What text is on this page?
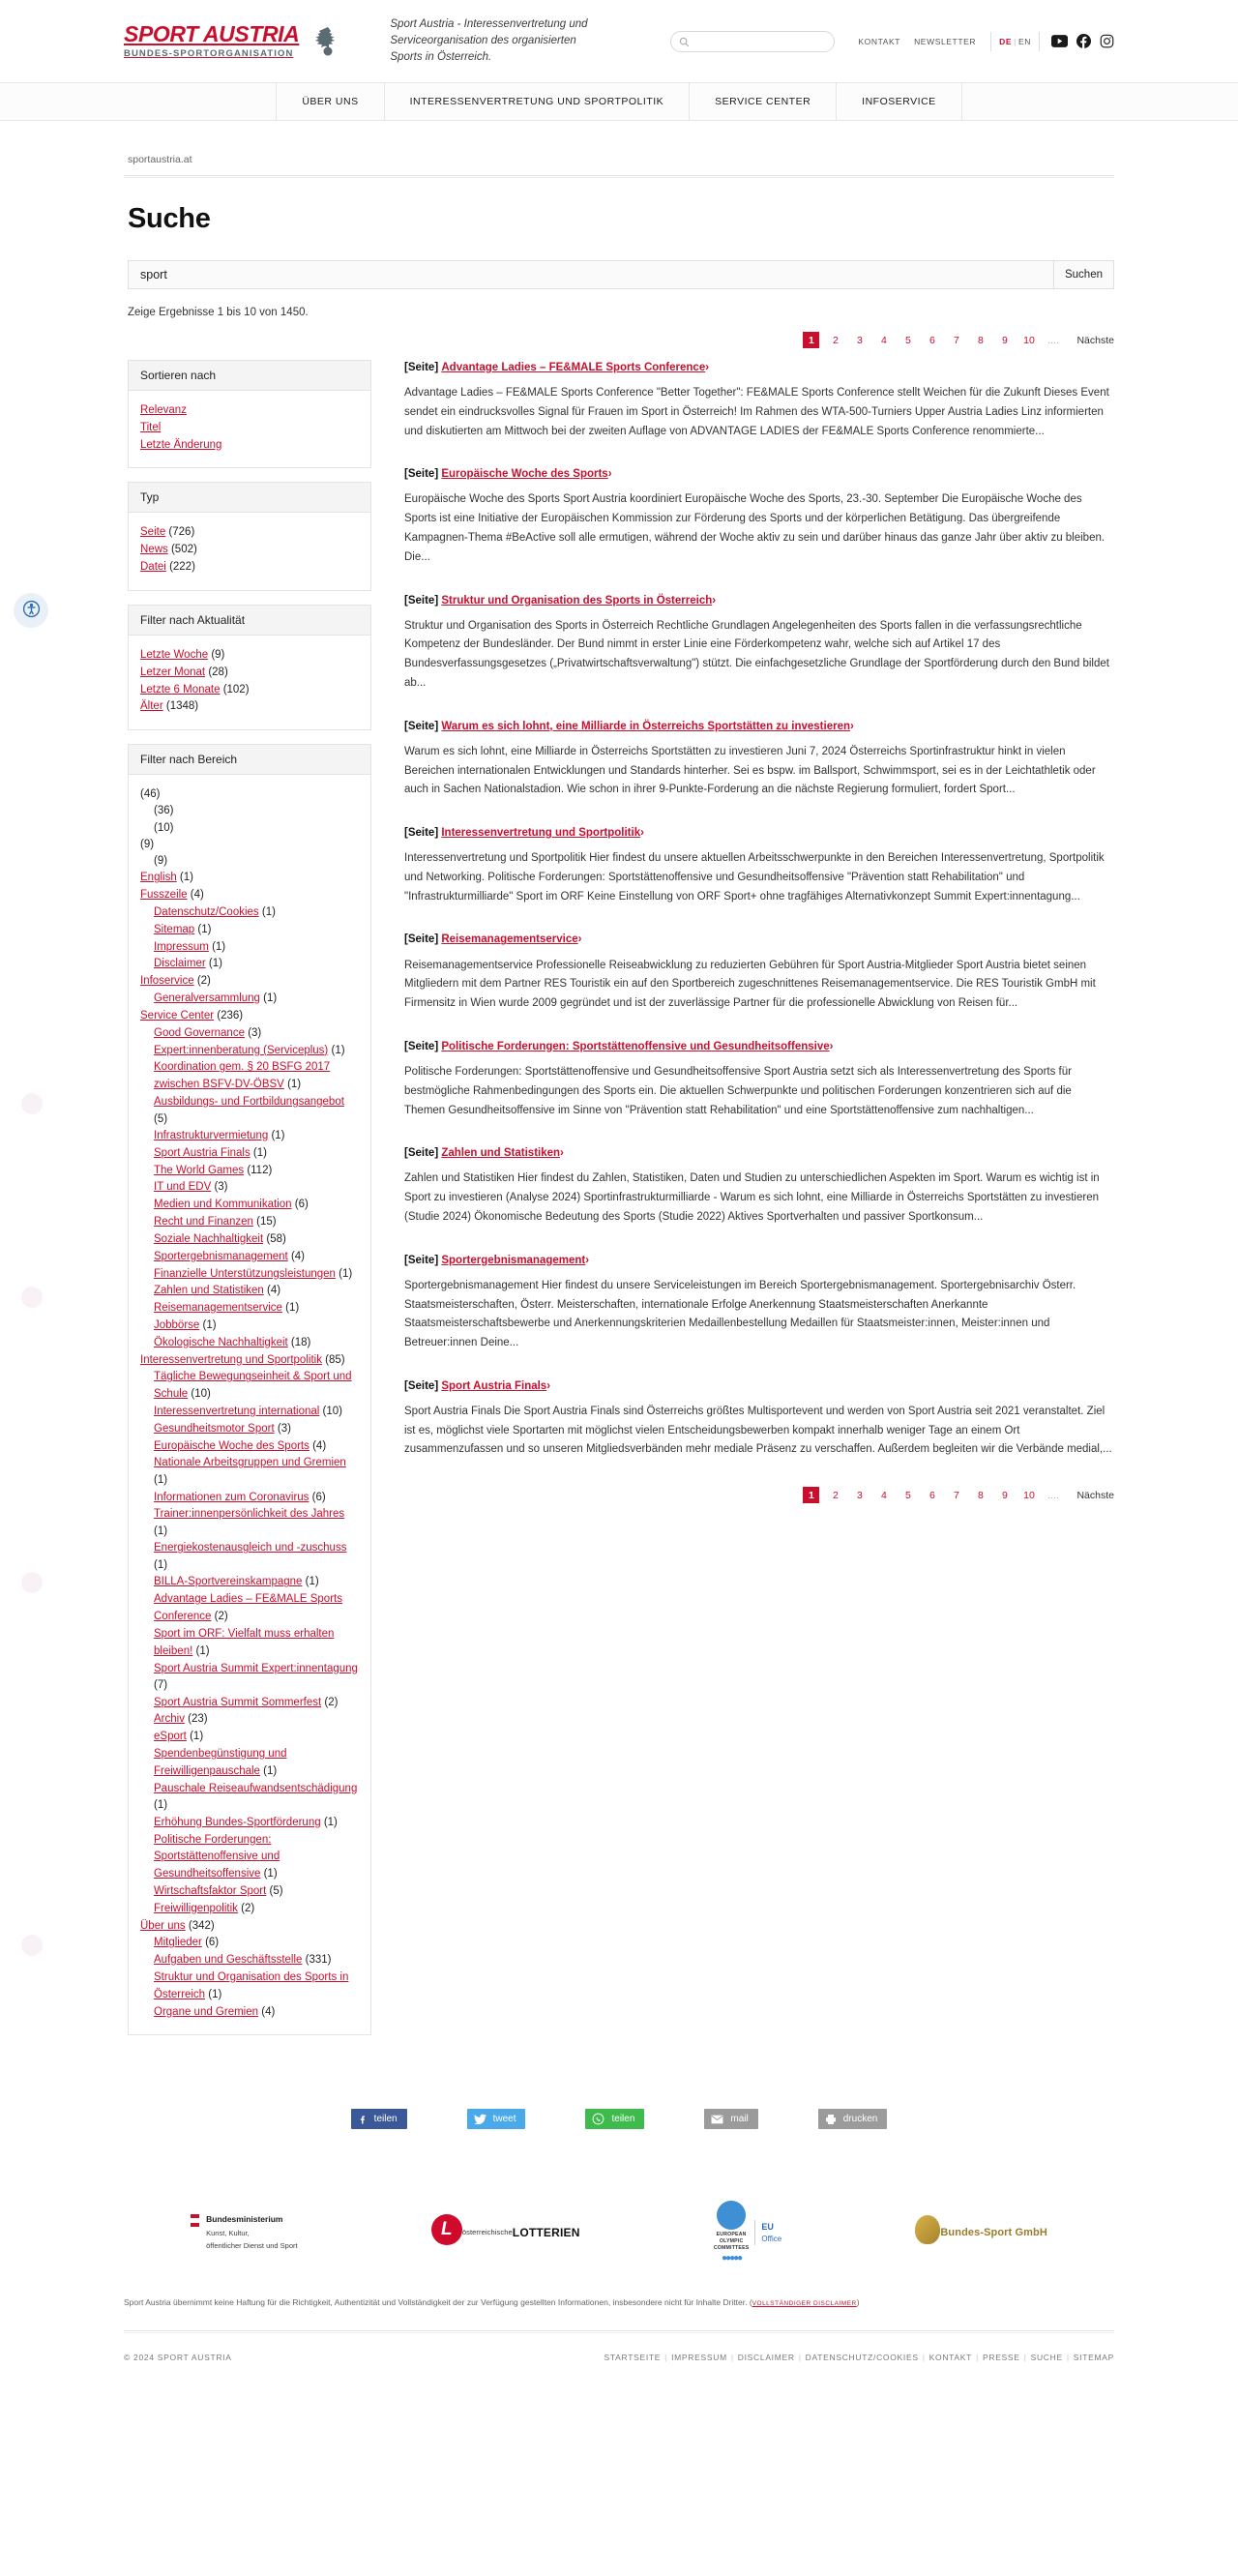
SPORT AUSTRIA
BUNDES-SPORTORGANISATION
Sport Austria - Interessenvertretung und Serviceorganisation des organisierten Sports in Österreich.
KONTAKT	NEWSLETTER	DE | EN
ÜBER UNS	INTERESSENVERTRETUNG UND SPORTPOLITIK	SERVICE CENTER	INFOSERVICE
sportaustria.at
Suche
sport
Suchen
Zeige Ergebnisse 1 bis 10 von 1450.
1	2	3	4	5	6	7	8	9	10 .... Nächste
Sortieren nach
Relevanz
Titel
Letzte Änderung
Typ
Seite (726)
News (502)
Datei (222)
Filter nach Aktualität
Letzte Woche (9)
Letzer Monat (28)
Letzte 6 Monate (102)
Älter (1348)
Filter nach Bereich
(46)
(36)
(10)
(9)
(9)
English (1)
Fusszeile (4)
Datenschutz/Cookies (1)
Sitemap (1)
Impressum (1)
Disclaimer (1)
Infoservice (2)
Generalversammlung (1)
Service Center (236)
Good Governance (3)
Expert:innenberatung (Serviceplus) (1)
Koordination gem. § 20 BSFG 2017 zwischen BSFV-DV-ÖBSV (1)
Ausbildungs- und Fortbildungsangebot (5)
Infrastrukturvermietung (1)
Sport Austria Finals (1)
The World Games (112)
IT und EDV (3)
Medien und Kommunikation (6)
Recht und Finanzen (15)
Soziale Nachhaltigkeit (58)
Sportergebnismanagement (4)
Finanzielle Unterstützungsleistungen (1)
Zahlen und Statistiken (4)
Reisemanagementservice (1)
Jobbörse (1)
Ökologische Nachhaltigkeit (18)
Interessenvertretung und Sportpolitik (85)
Tägliche Bewegungseinheit & Sport und Schule (10)
Interessenvertretung international (10)
Gesundheitsmotor Sport (3)
Europäische Woche des Sports (4)
Nationale Arbeitsgruppen und Gremien (1)
Informationen zum Coronavirus (6)
Trainer:innenpersönlichkeit des Jahres (1)
Energiekostenausgleich und -zuschuss (1)
BILLA-Sportvereinskampagne (1)
Advantage Ladies – FE&MALE Sports Conference (2)
Sport im ORF: Vielfalt muss erhalten bleiben! (1)
Sport Austria Summit Expert:innentagung (7)
Sport Austria Summit Sommerfest (2)
Archiv (23)
eSport (1)
Spendenbegünstigung und Freiwilligenpauschale (1)
Pauschale Reiseaufwandsentschädigung (1)
Erhöhung Bundes-Sportförderung (1)
Politische Forderungen: Sportstättenoffensive und Gesundheitsoffensive (1)
Wirtschaftsfaktor Sport (5)
Freiwilligenpolitik (2)
Über uns (342)
Mitglieder (6)
Aufgaben und Geschäftsstelle (331)
Struktur und Organisation des Sports in Österreich (1)
Organe und Gremien (4)
[Seite] Advantage Ladies – FE&MALE Sports Conference›
Advantage Ladies – FE&MALE Sports Conference "Better Together": FE&MALE Sports Conference stellt Weichen für die Zukunft Dieses Event sendet ein eindrucksvolles Signal für Frauen im Sport in Österreich! Im Rahmen des WTA-500-Turniers Upper Austria Ladies Linz informierten und diskutierten am Mittwoch bei der zweiten Auflage von ADVANTAGE LADIES der FE&MALE Sports Conference renommierte...
[Seite] Europäische Woche des Sports›
Europäische Woche des Sports Sport Austria koordiniert Europäische Woche des Sports, 23.-30. September Die Europäische Woche des Sports ist eine Initiative der Europäischen Kommission zur Förderung des Sports und der körperlichen Betätigung. Das übergreifende Kampagnen-Thema #BeActive soll alle ermutigen, während der Woche aktiv zu sein und darüber hinaus das ganze Jahr über aktiv zu bleiben. Die...
[Seite] Struktur und Organisation des Sports in Österreich›
Struktur und Organisation des Sports in Österreich Rechtliche Grundlagen Angelegenheiten des Sports fallen in die verfassungsrechtliche Kompetenz der Bundesländer. Der Bund nimmt in erster Linie eine Förderkompetenz wahr, welche sich auf Artikel 17 des Bundesverfassungsgesetzes („Privatwirtschaftsverwaltung") stützt. Die einfachgesetzliche Grundlage der Sportförderung durch den Bund bildet ab...
[Seite] Warum es sich lohnt, eine Milliarde in Österreichs Sportstätten zu investieren›
Warum es sich lohnt, eine Milliarde in Österreichs Sportstätten zu investieren Juni 7, 2024 Österreichs Sportinfrastruktur hinkt in vielen Bereichen internationalen Entwicklungen und Standards hinterher. Sei es bspw. im Ballsport, Schwimmsport, sei es in der Leichtathletik oder auch in Sachen Nationalstadion. Wie schon in ihrer 9-Punkte-Forderung an die nächste Regierung formuliert, fordert Sport...
[Seite] Interessenvertretung und Sportpolitik›
Interessenvertretung und Sportpolitik Hier findest du unsere aktuellen Arbeitsschwerpunkte in den Bereichen Interessenvertretung, Sportpolitik und Networking. Politische Forderungen: Sportstättenoffensive und Gesundheitsoffensive "Prävention statt Rehabilitation" und "Infrastrukturmilliarde" Sport im ORF Keine Einstellung von ORF Sport+ ohne tragfähiges Alternativkonzept Summit Expert:innentagung...
[Seite] Reisemanagementservice›
Reisemanagementservice Professionelle Reiseabwicklung zu reduzierten Gebühren für Sport Austria-Mitglieder Sport Austria bietet seinen Mitgliedern mit dem Partner RES Touristik ein auf den Sportbereich zugeschnittenes Reisemanagementservice. Die RES Touristik GmbH mit Firmensitz in Wien wurde 2009 gegründet und ist der zuverlässige Partner für die professionelle Abwicklung von Reisen für...
[Seite] Politische Forderungen: Sportstättenoffensive und Gesundheitsoffensive›
Politische Forderungen: Sportstättenoffensive und Gesundheitsoffensive Sport Austria setzt sich als Interessenvertretung des Sports für bestmögliche Rahmenbedingungen des Sports ein. Die aktuellen Schwerpunkte und politischen Forderungen konzentrieren sich auf die Themen Gesundheitsoffensive im Sinne von "Prävention statt Rehabilitation" und eine Sportstättenoffensive zum nachhaltigen...
[Seite] Zahlen und Statistiken›
Zahlen und Statistiken Hier findest du Zahlen, Statistiken, Daten und Studien zu unterschiedlichen Aspekten im Sport. Warum es wichtig ist in Sport zu investieren (Analyse 2024) Sportinfrastrukturmilliarde - Warum es sich lohnt, eine Milliarde in Österreichs Sportstätten zu investieren (Studie 2024) Ökonomische Bedeutung des Sports (Studie 2022) Aktives Sportverhalten und passiver Sportkonsum...
[Seite] Sportergebnismanagement›
Sportergebnismanagement Hier findest du unsere Serviceleistungen im Bereich Sportergebnismanagement. Sportergebnisarchiv Österr. Staatsmeisterschaften, Österr. Meisterschaften, internationale Erfolge Anerkennung Staatsmeisterschaften Anerkannte Staatsmeisterschaftsbewerbe und Anerkennungskriterien Medaillenbestellung Medaillen für Staatsmeister:innen, Meister:innen und Betreuer:innen Deine...
[Seite] Sport Austria Finals›
Sport Austria Finals Die Sport Austria Finals sind Österreichs größtes Multisportevent und werden von Sport Austria seit 2021 veranstaltet. Ziel ist es, möglichst viele Sportarten mit möglichst vielen Entscheidungsbewerben kompakt innerhalb weniger Tage an einem Ort zusammenzufassen und so unseren Mitgliedsverbänden mehr mediale Präsenz zu verschaffen. Außerdem begleiten wir die Verbände medial,...
1	2	3	4	5	6	7	8	9	10 .... Nächste
teilen	tweet	teilen	mail	drucken
Bundesministerium
Kunst, Kultur,
öffentlicher Dienst und Sport
L	österreichische LOTTERIEN	EUROPEAN
OLYMPIC
COMMITTEES
●●●●●
EU
Office
Bundes-Sport GmbH
Sport Austria übernimmt keine Haftung für die Richtigkeit, Authentizität und Vollständigkeit der zur Verfügung gestellten Informationen, insbesondere nicht für Inhalte Dritter. (VOLLSTÄNDIGER DISCLAIMER)
© 2024 SPORT AUSTRIA	STARTSEITE | IMPRESSUM | DISCLAIMER | DATENSCHUTZ/COOKIES | KONTAKT | PRESSE | SUCHE | SITEMAP
